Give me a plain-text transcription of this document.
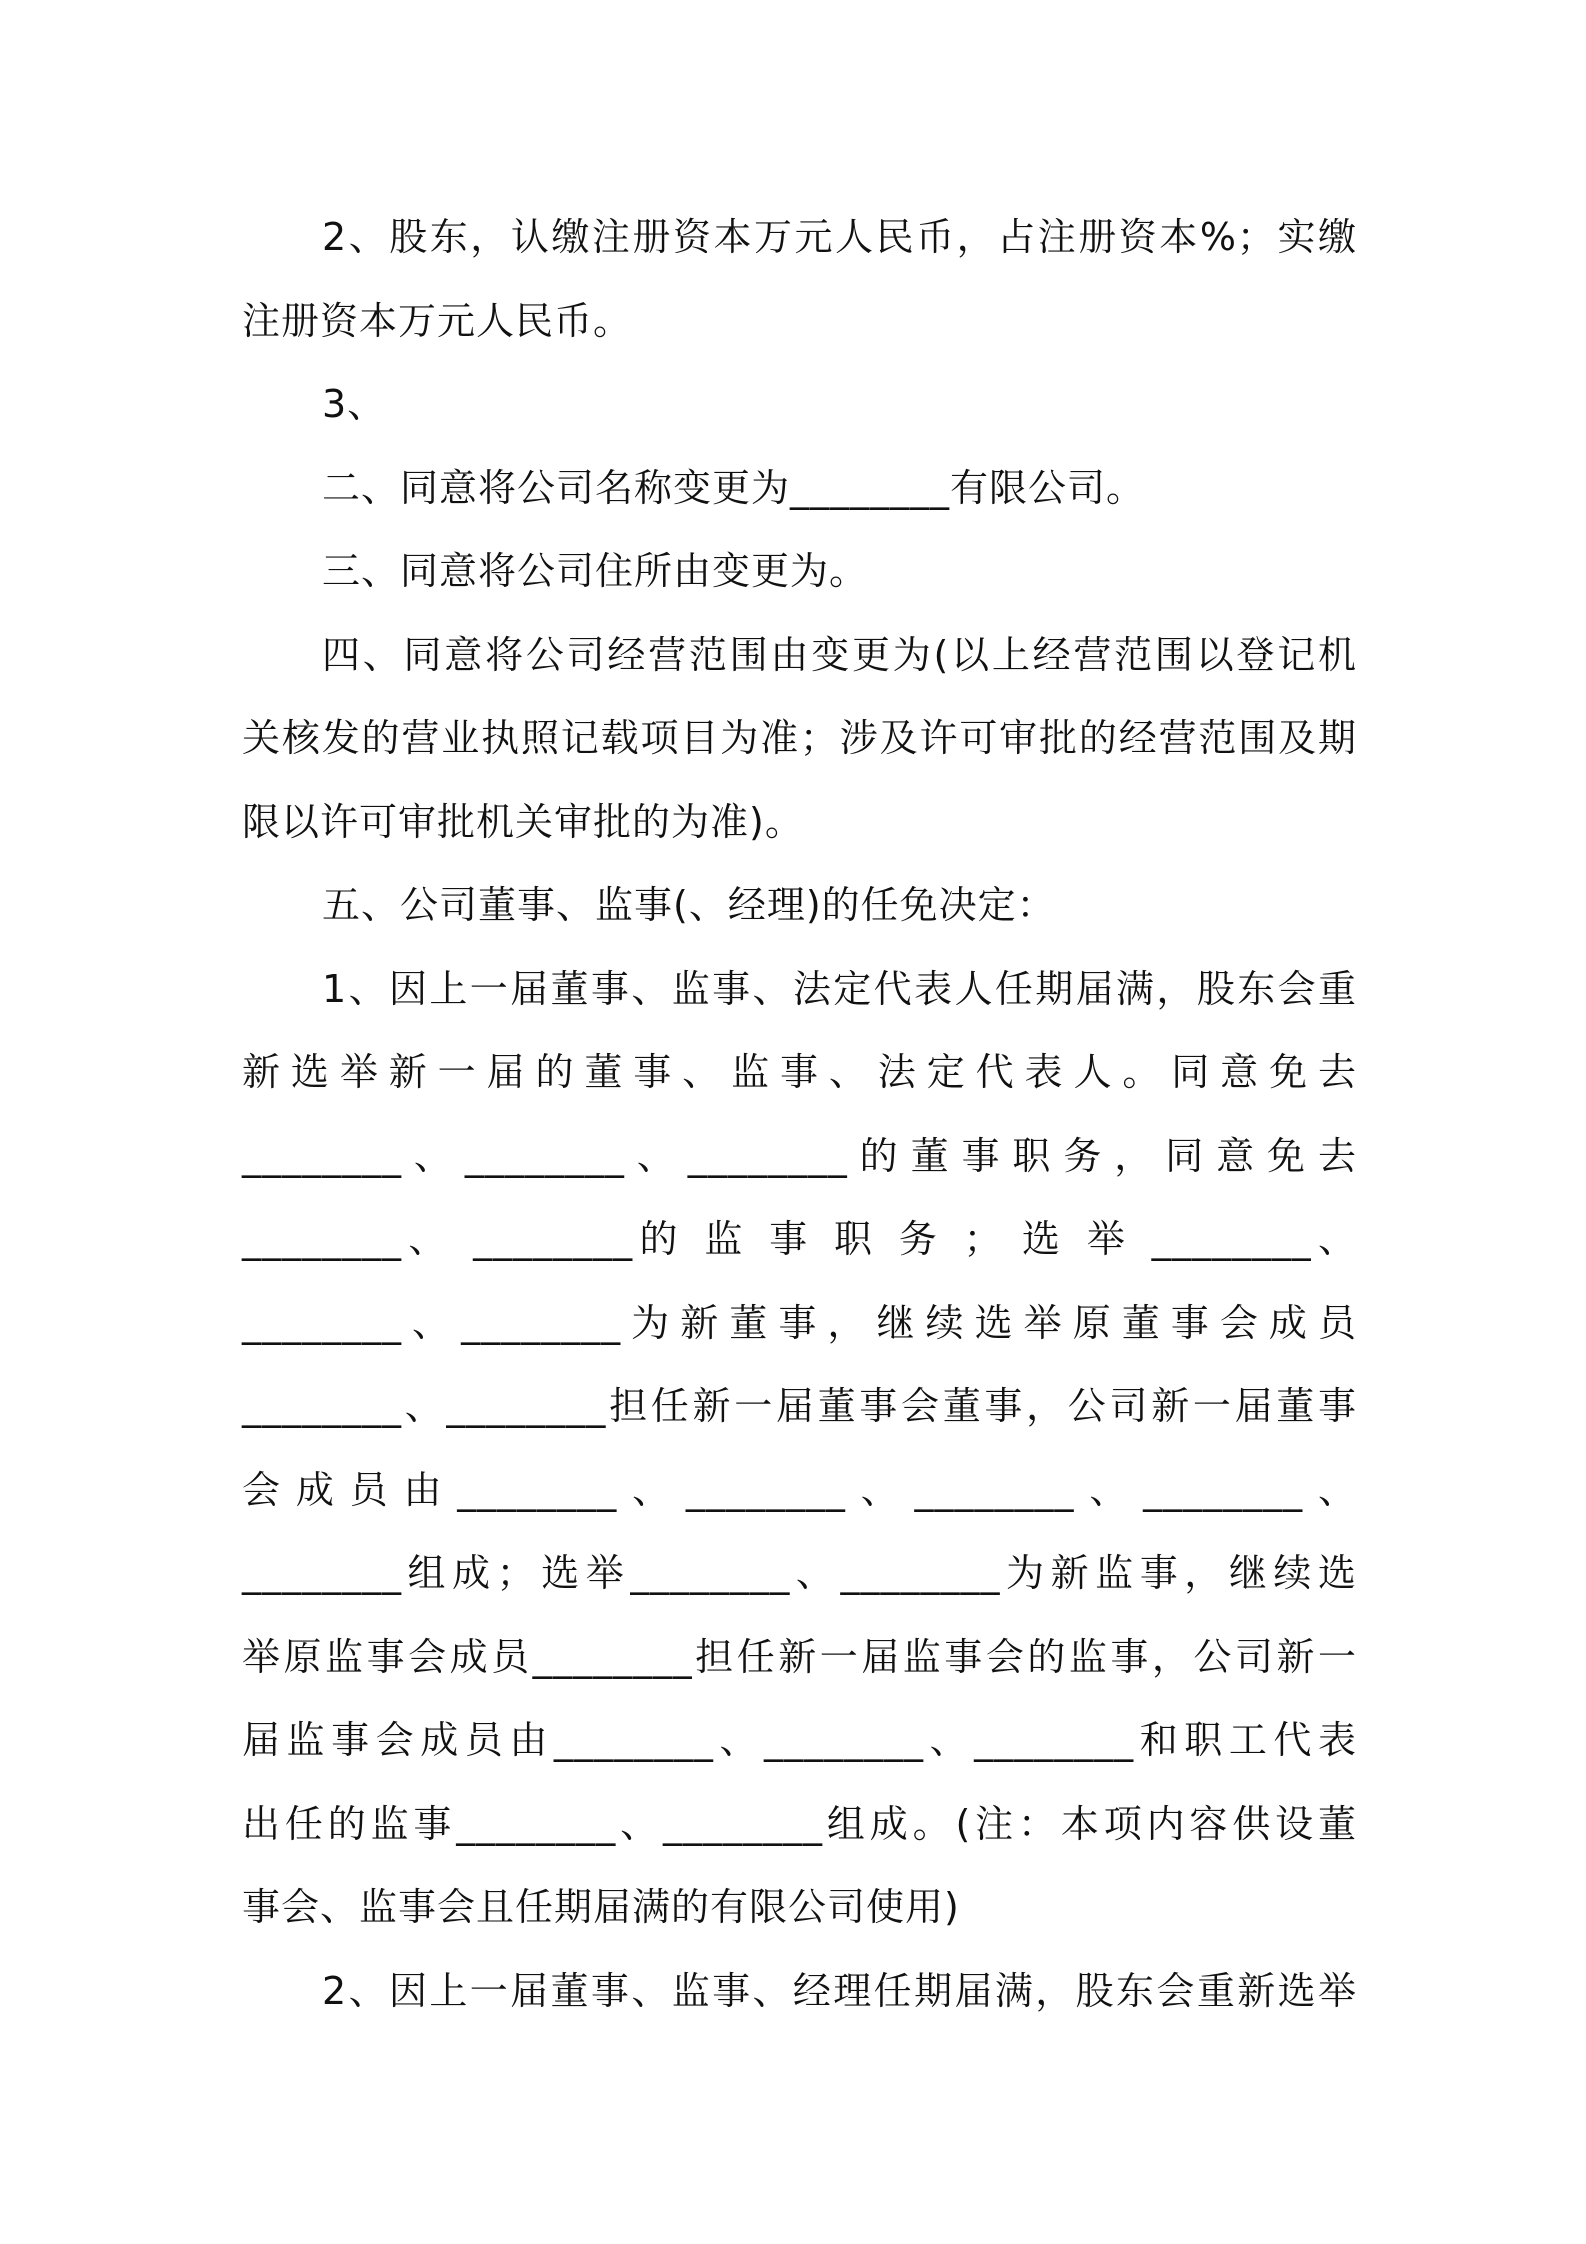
2、股东，认缴注册资本万元人民币，占注册资本%；实缴
注册资本万元人民币。

3、

二、同意将公司名称变更为________有限公司。

三、同意将公司住所由变更为。

四、同意将公司经营范围由变更为(以上经营范围以登记机
关核发的营业执照记载项目为准；涉及许可审批的经营范围及期
限以许可审批机关审批的为准)。

五、公司董事、监事(、经理)的任免决定：

1、因上一届董事、监事、法定代表人任期届满，股东会重
新选举新一届的董事、监事、法定代表人。同意免去
________、________、________的董事职务，同意免去
________、 ________的 监 事 职 务 ； 选 举 ________、
________、________为新董事，继续选举原董事会成员
________、________担任新一届董事会董事，公司新一届董事
会成员由________、________、________、________、
________组成；选举________、________为新监事，继续选
举原监事会成员________担任新一届监事会的监事，公司新一
届监事会成员由________、________、________和职工代表
出任的监事________、________组成。(注：本项内容供设董
事会、监事会且任期届满的有限公司使用)

2、因上一届董事、监事、经理任期届满，股东会重新选举
